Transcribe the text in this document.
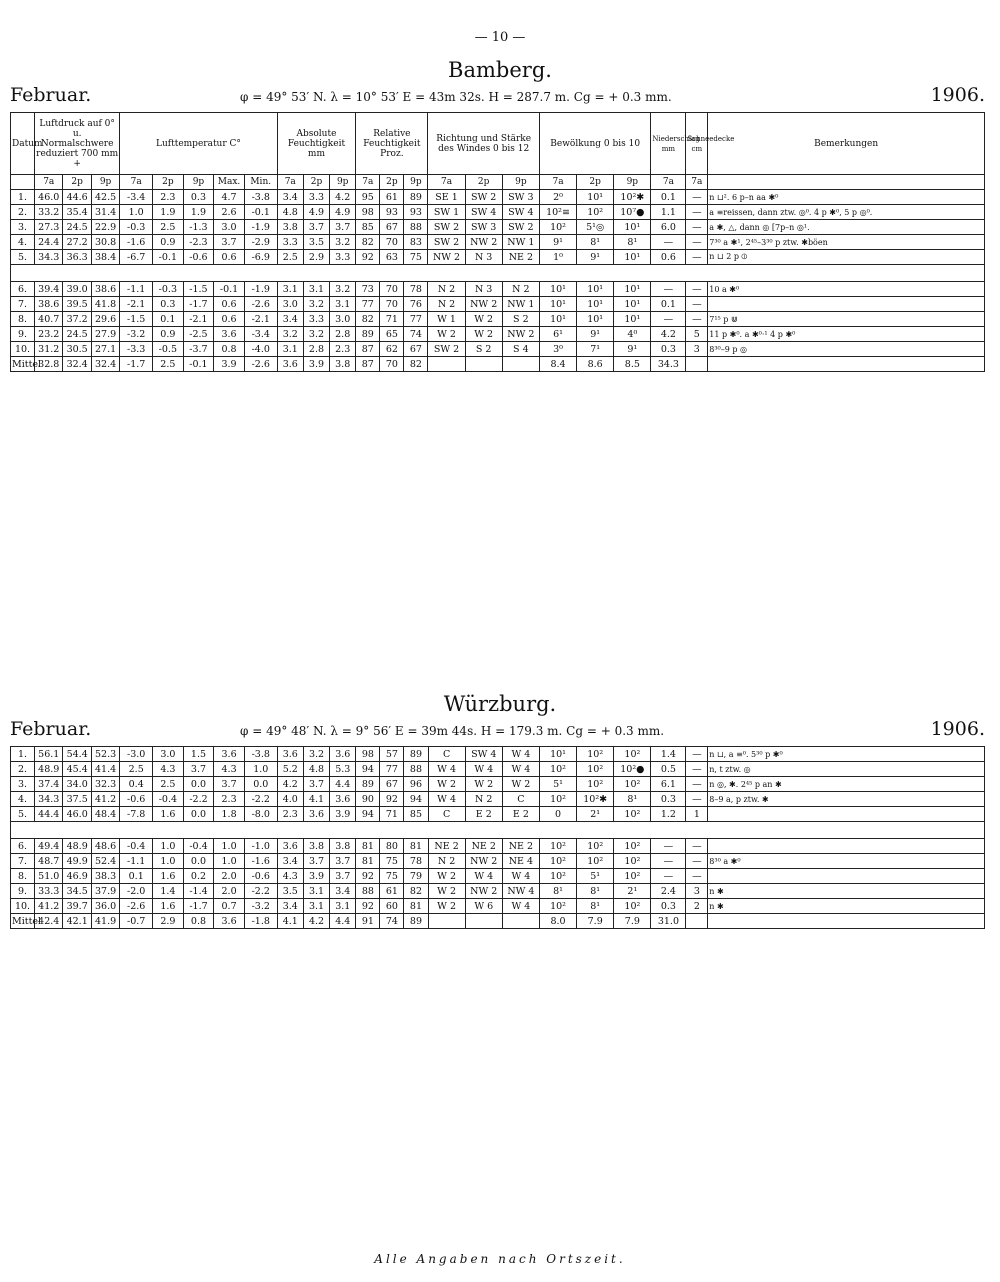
— 10 —
Bamberg.
Februar.	φ = 49° 53′ N. λ = 10° 53′ E = 43m 32s. H = 287.7 m. Cg = + 0.3 mm.	1906.
Datum	Luftdruck auf 0° u. Normalschwere reduziert 700 mm +			Lufttemperatur C°					Absolute Feuchtigkeit mm			Relative Feuchtigkeit Proz.			Richtung und Stärke des Windes 0 bis 12			Bewölkung 0 bis 10			Niederschlag mm	Schneedecke cm	Bemerkungen
	7a	2p	9p	7a	2p	9p	Max.	Min.	7a	2p	9p	7a	2p	9p	7a	2p	9p	7a	2p	9p	7a	7a	
1.	46.0	44.6	42.5	-3.4	2.3	0.3	4.7	-3.8	3.4	3.3	4.2	95	61	89	SE 1	SW 2	SW 3	2⁰	10¹	10²✱	0.1	—	n ⊔². 6 p–n aa ✱⁰
2.	33.2	35.4	31.4	1.0	1.9	1.9	2.6	-0.1	4.8	4.9	4.9	98	93	93	SW 1	SW 4	SW 4	10²≡	10²	10⁷●	1.1	—	a ≡reissen, dann ztw. ◎⁰. 4 p ✱⁰, 5 p ◎⁰.
3.	27.3	24.5	22.9	-0.3	2.5	-1.3	3.0	-1.9	3.8	3.7	3.7	85	67	88	SW 2	SW 3	SW 2	10²	5¹◎	10¹	6.0	—	a ✱, △, dann ◎ [7p–n ◎¹.
4.	24.4	27.2	30.8	-1.6	0.9	-2.3	3.7	-2.9	3.3	3.5	3.2	82	70	83	SW 2	NW 2	NW 1	9¹	8¹	8¹	—	—	7³⁰ a ✱¹, 2⁴⁵–3³⁰ p ztw. ✱böen
5.	34.3	36.3	38.4	-6.7	-0.1	-0.6	0.6	-6.9	2.5	2.9	3.3	92	63	75	NW 2	N 3	NE 2	1⁰	9¹	10¹	0.6	—	n ⊔ 2 p ⦶

6.	39.4	39.0	38.6	-1.1	-0.3	-1.5	-0.1	-1.9	3.1	3.1	3.2	73	70	78	N 2	N 3	N 2	10¹	10¹	10¹	—	—	10 a ✱⁰
7.	38.6	39.5	41.8	-2.1	0.3	-1.7	0.6	-2.6	3.0	3.2	3.1	77	70	76	N 2	NW 2	NW 1	10¹	10¹	10¹	0.1	—	
8.	40.7	37.2	29.6	-1.5	0.1	-2.1	0.6	-2.1	3.4	3.3	3.0	82	71	77	W 1	W 2	S 2	10¹	10¹	10¹	—	—	7¹⁵ p ⋓
9.	23.2	24.5	27.9	-3.2	0.9	-2.5	3.6	-3.4	3.2	3.2	2.8	89	65	74	W 2	W 2	NW 2	6¹	9¹	4⁰	4.2	5	11 p ✱⁰. a ✱⁰·¹ 4 p ✱⁰
10.	31.2	30.5	27.1	-3.3	-0.5	-3.7	0.8	-4.0	3.1	2.8	2.3	87	62	67	SW 2	S 2	S 4	3⁰	7¹	9¹	0.3	3	8³⁰–9 p ◎
Mittel	32.8	32.4	32.4	-1.7	2.5	-0.1	3.9	-2.6	3.6	3.9	3.8	87	70	82				8.4	8.6	8.5	34.3		
Würzburg.
Februar.	φ = 49° 48′ N. λ = 9° 56′ E = 39m 44s. H = 179.3 m. Cg = + 0.3 mm.	1906.
1.	56.1	54.4	52.3	-3.0	3.0	1.5	3.6	-3.8	3.6	3.2	3.6	98	57	89	C	SW 4	W 4	10¹	10²	10²	1.4	—	n ⊔, a ≡⁰. 5³⁰ p ✱⁰
2.	48.9	45.4	41.4	2.5	4.3	3.7	4.3	1.0	5.2	4.8	5.3	94	77	88	W 4	W 4	W 4	10²	10²	10²●	0.5	—	n, t ztw. ◎
3.	37.4	34.0	32.3	0.4	2.5	0.0	3.7	0.0	4.2	3.7	4.4	89	67	96	W 2	W 2	W 2	5¹	10²	10²	6.1	—	n ◎, ✱. 2⁴⁵ p an ✱
4.	34.3	37.5	41.2	-0.6	-0.4	-2.2	2.3	-2.2	4.0	4.1	3.6	90	92	94	W 4	N 2	C	10²	10²✱	8¹	0.3	—	8–9 a, p ztw. ✱
5.	44.4	46.0	48.4	-7.8	1.6	0.0	1.8	-8.0	2.3	3.6	3.9	94	71	85	C	E 2	E 2	0	2¹	10²	1.2	1	

6.	49.4	48.9	48.6	-0.4	1.0	-0.4	1.0	-1.0	3.6	3.8	3.8	81	80	81	NE 2	NE 2	NE 2	10²	10²	10²	—	—	
7.	48.7	49.9	52.4	-1.1	1.0	0.0	1.0	-1.6	3.4	3.7	3.7	81	75	78	N 2	NW 2	NE 4	10²	10²	10²	—	—	8³⁰ a ✱⁰
8.	51.0	46.9	38.3	0.1	1.6	0.2	2.0	-0.6	4.3	3.9	3.7	92	75	79	W 2	W 4	W 4	10²	5¹	10²	—	—	
9.	33.3	34.5	37.9	-2.0	1.4	-1.4	2.0	-2.2	3.5	3.1	3.4	88	61	82	W 2	NW 2	NW 4	8¹	8¹	2¹	2.4	3	n ✱
10.	41.2	39.7	36.0	-2.6	1.6	-1.7	0.7	-3.2	3.4	3.1	3.1	92	60	81	W 2	W 6	W 4	10²	8¹	10²	0.3	2	n ✱
Mittel	42.4	42.1	41.9	-0.7	2.9	0.8	3.6	-1.8	4.1	4.2	4.4	91	74	89				8.0	7.9	7.9	31.0		
Alle Angaben nach Ortszeit.
